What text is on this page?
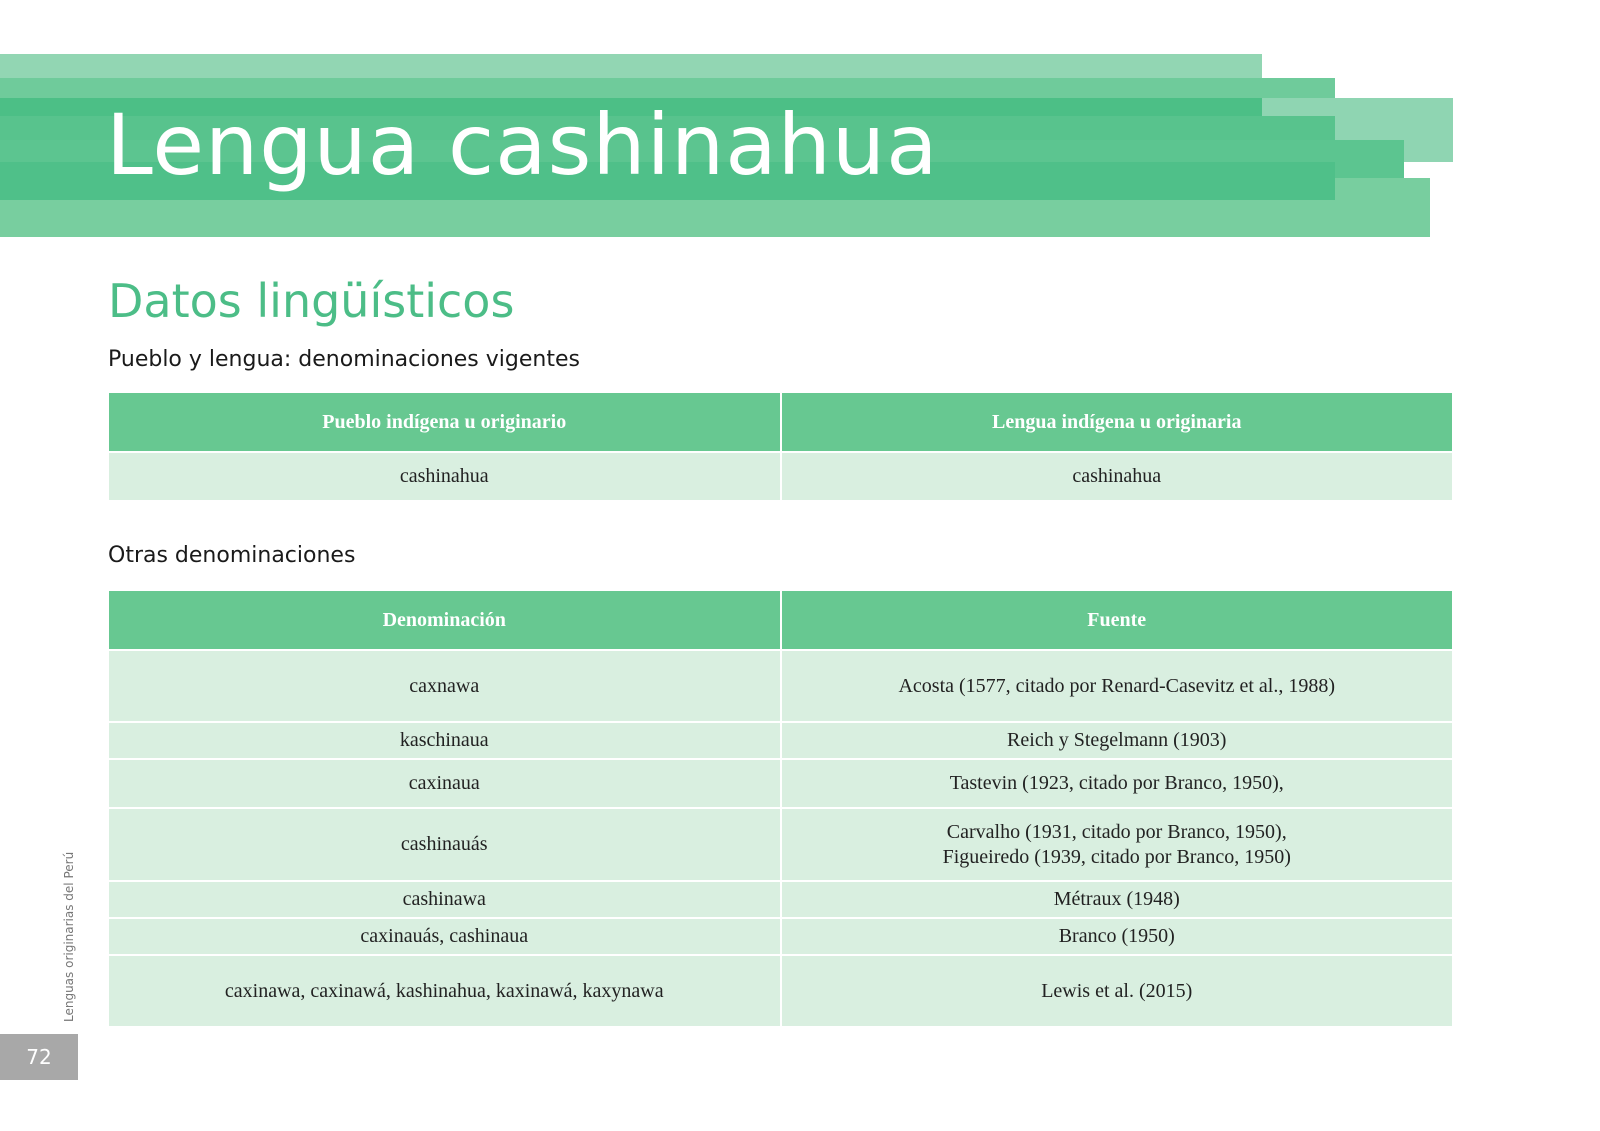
Lengua cashinahua
Datos lingüísticos
Pueblo y lengua: denominaciones vigentes
Pueblo indígena u originario	Lengua indígena u originaria
cashinahua	cashinahua
Otras denominaciones
Denominación	Fuente
caxnawa	Acosta (1577, citado por Renard-Casevitz et al., 1988)
kaschinaua	Reich y Stegelmann (1903)
caxinaua	Tastevin (1923, citado por Branco, 1950),
cashinauás	Carvalho (1931, citado por Branco, 1950),
Figueiredo (1939, citado por Branco, 1950)

cashinawa	Métraux (1948)
caxinauás, cashinaua	Branco (1950)
caxinawa, caxinawá, kashinahua, kaxinawá, kaxynawa	Lewis et al. (2015)
Lenguas originarias del Perú
72
